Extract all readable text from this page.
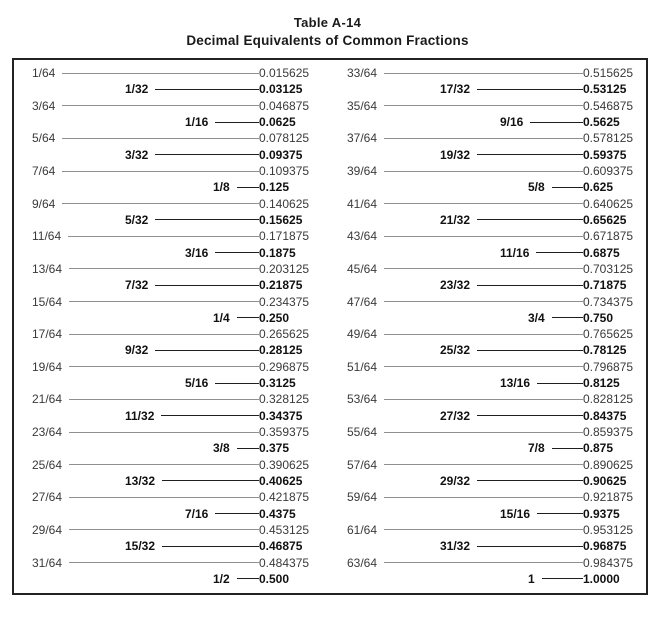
Table A-14
Decimal Equivalents of Common Fractions
1/64	0.015625
1/32	0.03125
3/64	0.046875
1/16	0.0625
5/64	0.078125
3/32	0.09375
7/64	0.109375
1/8 0.125
9/64	0.140625
5/32	0.15625
11/64	0.171875
3/16	0.1875
13/64	0.203125
7/32	0.21875
15/64	0.234375
1/4 0.250
17/64	0.265625
9/32	0.28125
19/64	0.296875
5/16	0.3125
21/64	0.328125
11/32	0.34375
23/64	0.359375
3/8 0.375
25/64	0.390625
13/32	0.40625
27/64	0.421875
7/16	0.4375
29/64	0.453125
15/32	0.46875
31/64	0.484375
1/2 0.500
33/64	0.515625
17/32	0.53125
35/64	0.546875
9/16	0.5625
37/64	0.578125
19/32	0.59375
39/64	0.609375
5/8	0.625
41/64	0.640625
21/32	0.65625
43/64	0.671875
11/16	0.6875
45/64	0.703125
23/32	0.71875
47/64	0.734375
3/4	0.750
49/64	0.765625
25/32	0.78125
51/64	0.796875
13/16	0.8125
53/64	0.828125
27/32	0.84375
55/64	0.859375
7/8	0.875
57/64	0.890625
29/32	0.90625
59/64	0.921875
15/16	0.9375
61/64	0.953125
31/32	0.96875
63/64	0.984375
1	1.0000
